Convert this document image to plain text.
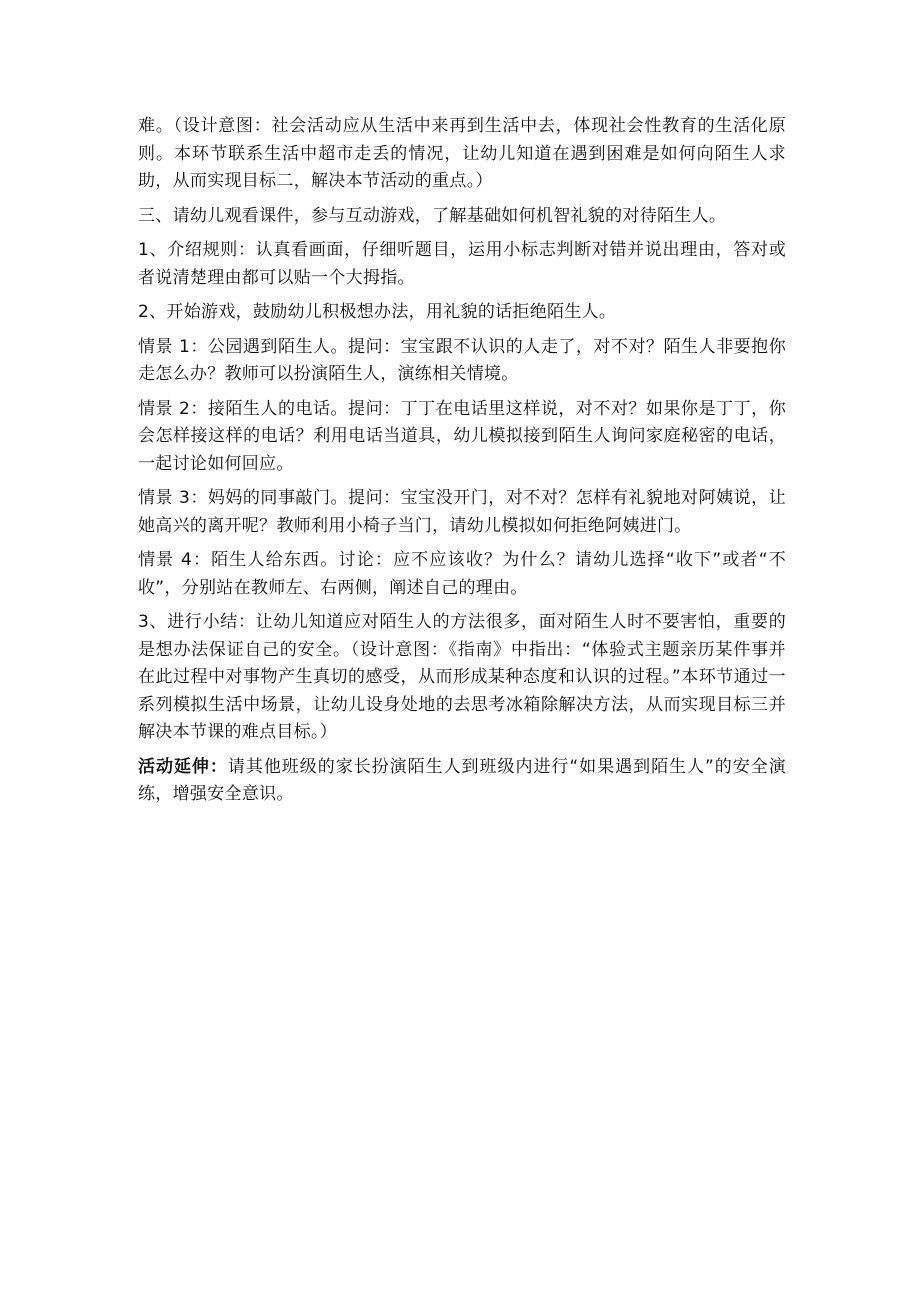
难。（设计意图：社会活动应从生活中来再到生活中去，体现社会性教育的生活化原则。本环节联系生活中超市走丢的情况，让幼儿知道在遇到困难是如何向陌生人求助，从而实现目标二，解决本节活动的重点。）

三、请幼儿观看课件，参与互动游戏，了解基础如何机智礼貌的对待陌生人。

1、介绍规则：认真看画面，仔细听题目，运用小标志判断对错并说出理由，答对或者说清楚理由都可以贴一个大拇指。

2、开始游戏，鼓励幼儿积极想办法，用礼貌的话拒绝陌生人。

情景 1：公园遇到陌生人。提问：宝宝跟不认识的人走了，对不对？陌生人非要抱你走怎么办？教师可以扮演陌生人，演练相关情境。

情景 2：接陌生人的电话。提问：丁丁在电话里这样说，对不对？如果你是丁丁，你会怎样接这样的电话？利用电话当道具，幼儿模拟接到陌生人询问家庭秘密的电话，一起讨论如何回应。

情景 3：妈妈的同事敲门。提问：宝宝没开门，对不对？怎样有礼貌地对阿姨说，让她高兴的离开呢？教师利用小椅子当门，请幼儿模拟如何拒绝阿姨进门。

情景 4：陌生人给东西。讨论：应不应该收？为什么？请幼儿选择“收下”或者“不收”，分别站在教师左、右两侧，阐述自己的理由。

3、进行小结：让幼儿知道应对陌生人的方法很多，面对陌生人时不要害怕，重要的是想办法保证自己的安全。（设计意图：《指南》中指出：“体验式主题亲历某件事并在此过程中对事物产生真切的感受，从而形成某种态度和认识的过程。”本环节通过一系列模拟生活中场景，让幼儿设身处地的去思考冰箱除解决方法，从而实现目标三并解决本节课的难点目标。）

活动延伸：请其他班级的家长扮演陌生人到班级内进行“如果遇到陌生人”的安全演练，增强安全意识。
